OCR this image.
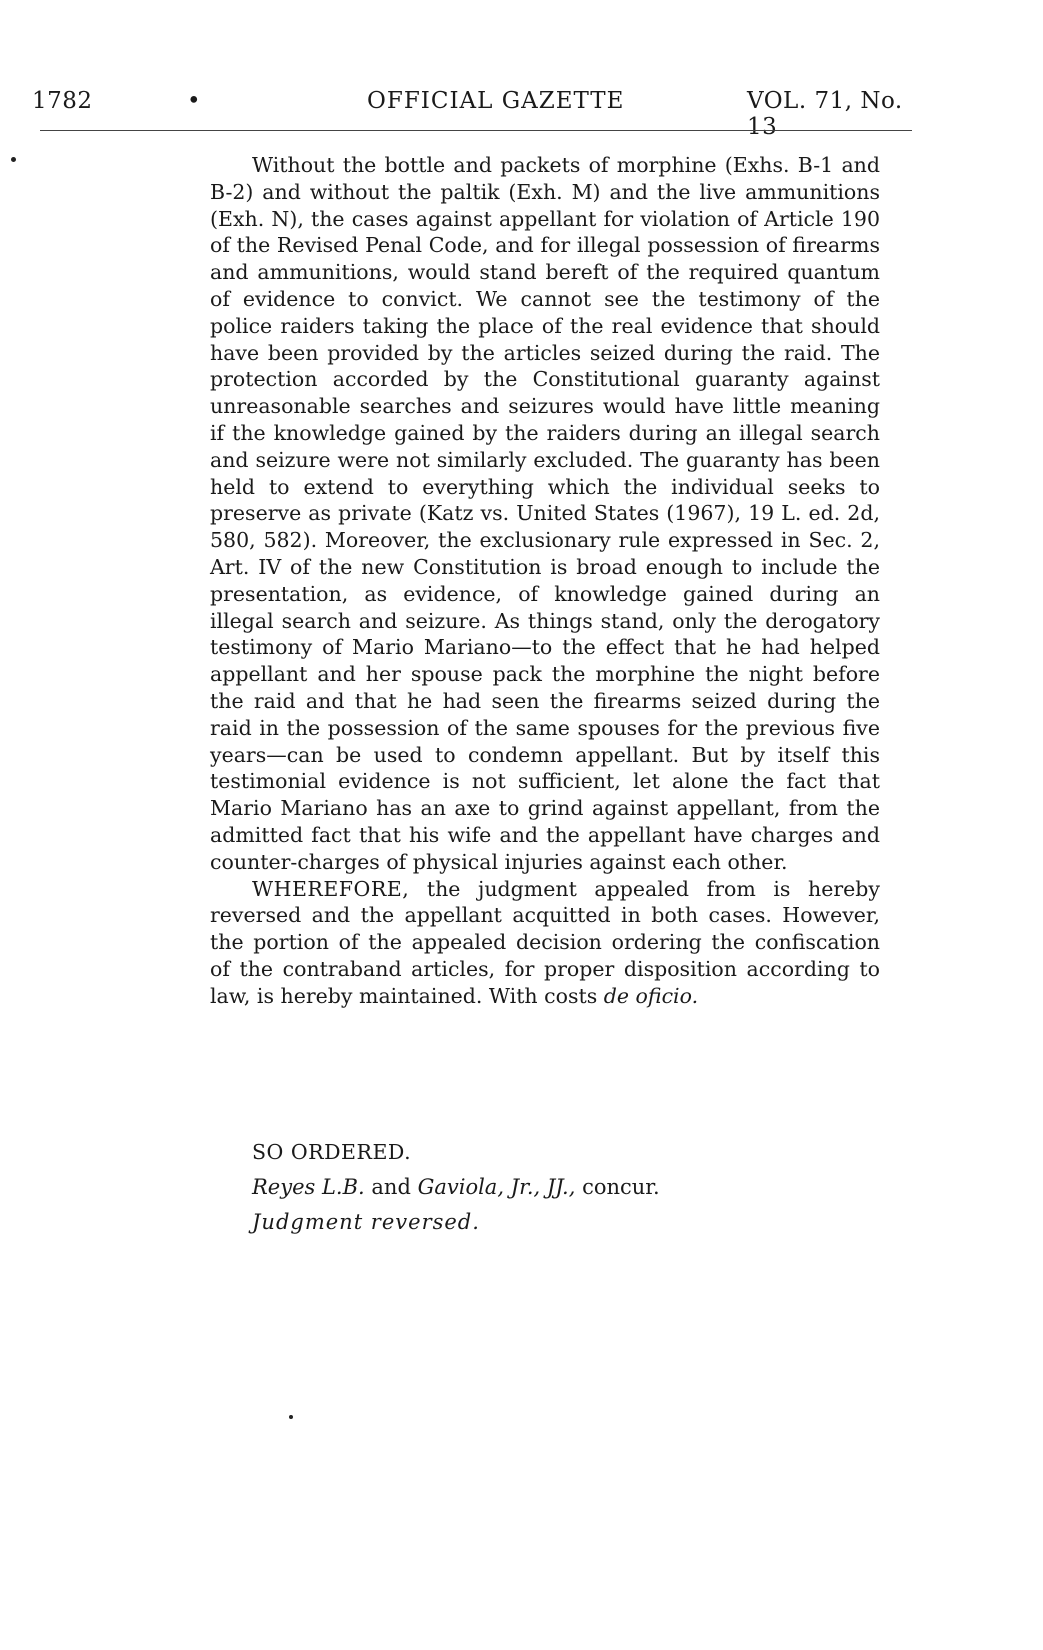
1782	•	OFFICIAL GAZETTE	VOL. 71, No. 13

Without the bottle and packets of morphine (Exhs. B-1 and B-2) and without the paltik (Exh. M) and the live ammunitions (Exh. N), the cases against appellant for violation of Article 190 of the Revised Penal Code, and for illegal possession of firearms and ammunitions, would stand bereft of the required quantum of evidence to convict. We cannot see the testimony of the police raiders taking the place of the real evidence that should have been provided by the articles seized during the raid. The protection accorded by the Constitutional guaranty against unreasonable searches and seizures would have little meaning if the knowledge gained by the raiders during an illegal search and seizure were not similarly excluded. The guaranty has been held to extend to everything which the individual seeks to preserve as private (Katz vs. United States (1967), 19 L. ed. 2d, 580, 582). Moreover, the exclusionary rule expressed in Sec. 2, Art. IV of the new Constitution is broad enough to include the presentation, as evidence, of knowledge gained during an illegal search and seizure. As things stand, only the derogatory testimony of Mario Mariano—to the effect that he had helped appellant and her spouse pack the morphine the night before the raid and that he had seen the firearms seized during the raid in the possession of the same spouses for the previous five years—can be used to condemn appellant. But by itself this testimonial evidence is not sufficient, let alone the fact that Mario Mariano has an axe to grind against appellant, from the admitted fact that his wife and the appellant have charges and counter-charges of physical injuries against each other.

WHEREFORE, the judgment appealed from is hereby reversed and the appellant acquitted in both cases. However, the portion of the appealed decision ordering the confiscation of the contraband articles, for proper disposition according to law, is hereby maintained. With costs de oficio.

SO ORDERED.
Reyes L.B. and Gaviola, Jr., JJ., concur.
Judgment reversed.
